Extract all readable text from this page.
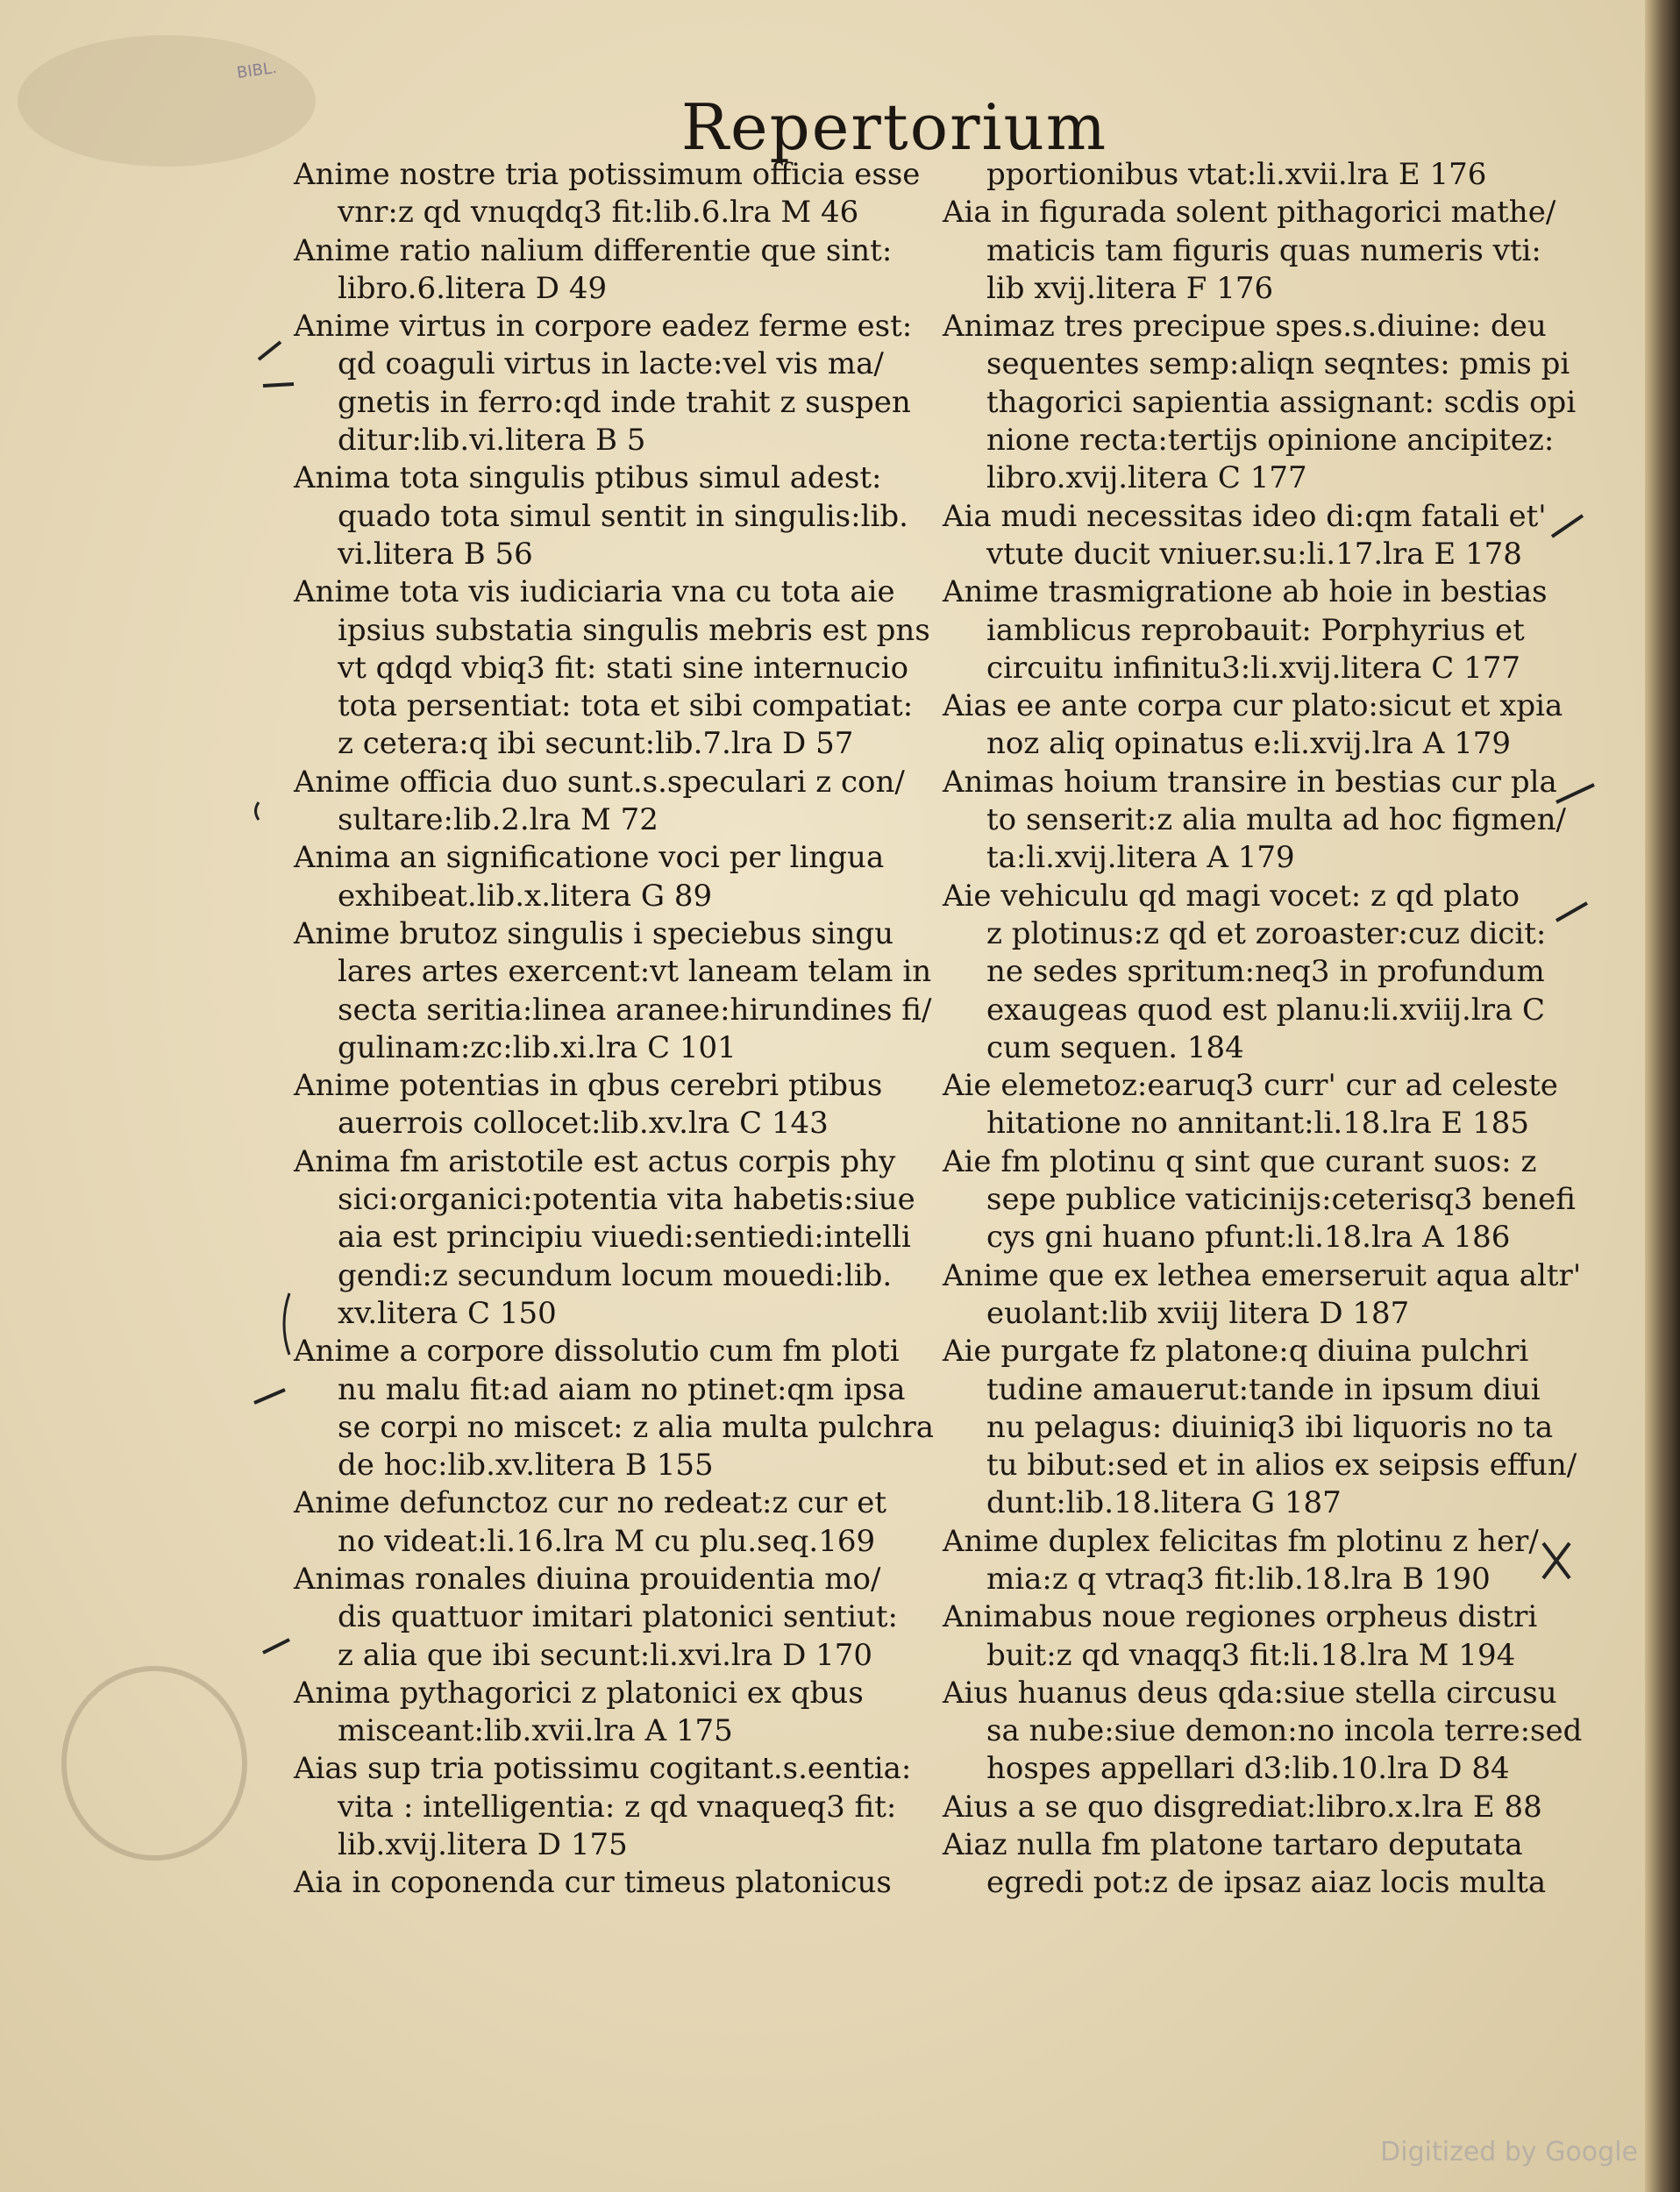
BIBL.
Repertorium
Anime nostre tria potissimum officia esse
vnr:z qd vnuqdq3 fit:lib.6.lra M 46
Anime ratio nalium differentie que sint:
libro.6.litera D 49
Anime virtus in corpore eadez ferme est:
qd coaguli virtus in lacte:vel vis ma/
gnetis in ferro:qd inde trahit z suspen
ditur:lib.vi.litera B 5
Anima tota singulis ptibus simul adest:
quado tota simul sentit in singulis:lib.
vi.litera B 56
Anime tota vis iudiciaria vna cu tota aie
ipsius substatia singulis mebris est pns
vt qdqd vbiq3 fit: stati sine internucio
tota persentiat: tota et sibi compatiat:
z cetera:q ibi secunt:lib.7.lra D 57
Anime officia duo sunt.s.speculari z con/
sultare:lib.2.lra M 72
Anima an significatione voci per lingua
exhibeat.lib.x.litera G 89
Anime brutoz singulis i speciebus singu
lares artes exercent:vt laneam telam in
secta seritia:linea aranee:hirundines fi/
gulinam:zc:lib.xi.lra C 101
Anime potentias in qbus cerebri ptibus
auerrois collocet:lib.xv.lra C 143
Anima fm aristotile est actus corpis phy
sici:organici:potentia vita habetis:siue
aia est principiu viuedi:sentiedi:intelli
gendi:z secundum locum mouedi:lib.
xv.litera C 150
Anime a corpore dissolutio cum fm ploti
nu malu fit:ad aiam no ptinet:qm ipsa
se corpi no miscet: z alia multa pulchra
de hoc:lib.xv.litera B 155
Anime defunctoz cur no redeat:z cur et
no videat:li.16.lra M cu plu.seq.169
Animas ronales diuina prouidentia mo/
dis quattuor imitari platonici sentiut:
z alia que ibi secunt:li.xvi.lra D 170
Anima pythagorici z platonici ex qbus
misceant:lib.xvii.lra A 175
Aias sup tria potissimu cogitant.s.eentia:
vita : intelligentia: z qd vnaqueq3 fit:
lib.xvij.litera D 175
Aia in coponenda cur timeus platonicus
pportionibus vtat:li.xvii.lra E 176
Aia in figurada solent pithagorici mathe/
maticis tam figuris quas numeris vti:
lib xvij.litera F 176
Animaz tres precipue spes.s.diuine: deu
sequentes semp:aliqn seqntes: pmis pi
thagorici sapientia assignant: scdis opi
nione recta:tertijs opinione ancipitez:
libro.xvij.litera C 177
Aia mudi necessitas ideo di:qm fatali et'
vtute ducit vniuer.su:li.17.lra E 178
Anime trasmigratione ab hoie in bestias
iamblicus reprobauit: Porphyrius et
circuitu infinitu3:li.xvij.litera C 177
Aias ee ante corpa cur plato:sicut et xpia
noz aliq opinatus e:li.xvij.lra A 179
Animas hoium transire in bestias cur pla
to senserit:z alia multa ad hoc figmen/
ta:li.xvij.litera A 179
Aie vehiculu qd magi vocet: z qd plato
z plotinus:z qd et zoroaster:cuz dicit:
ne sedes spritum:neq3 in profundum
exaugeas quod est planu:li.xviij.lra C
cum sequen. 184
Aie elemetoz:earuq3 curr' cur ad celeste
hitatione no annitant:li.18.lra E 185
Aie fm plotinu q sint que curant suos: z
sepe publice vaticinijs:ceterisq3 benefi
cys gni huano pfunt:li.18.lra A 186
Anime que ex lethea emerseruit aqua altr'
euolant:lib xviij litera D 187
Aie purgate fz platone:q diuina pulchri
tudine amauerut:tande in ipsum diui
nu pelagus: diuiniq3 ibi liquoris no ta
tu bibut:sed et in alios ex seipsis effun/
dunt:lib.18.litera G 187
Anime duplex felicitas fm plotinu z her/
mia:z q vtraq3 fit:lib.18.lra B 190
Animabus noue regiones orpheus distri
buit:z qd vnaqq3 fit:li.18.lra M 194
Aius huanus deus qda:siue stella circusu
sa nube:siue demon:no incola terre:sed
hospes appellari d3:lib.10.lra D 84
Aius a se quo disgrediat:libro.x.lra E 88
Aiaz nulla fm platone tartaro deputata
egredi pot:z de ipsaz aiaz locis multa
Digitized by Google
